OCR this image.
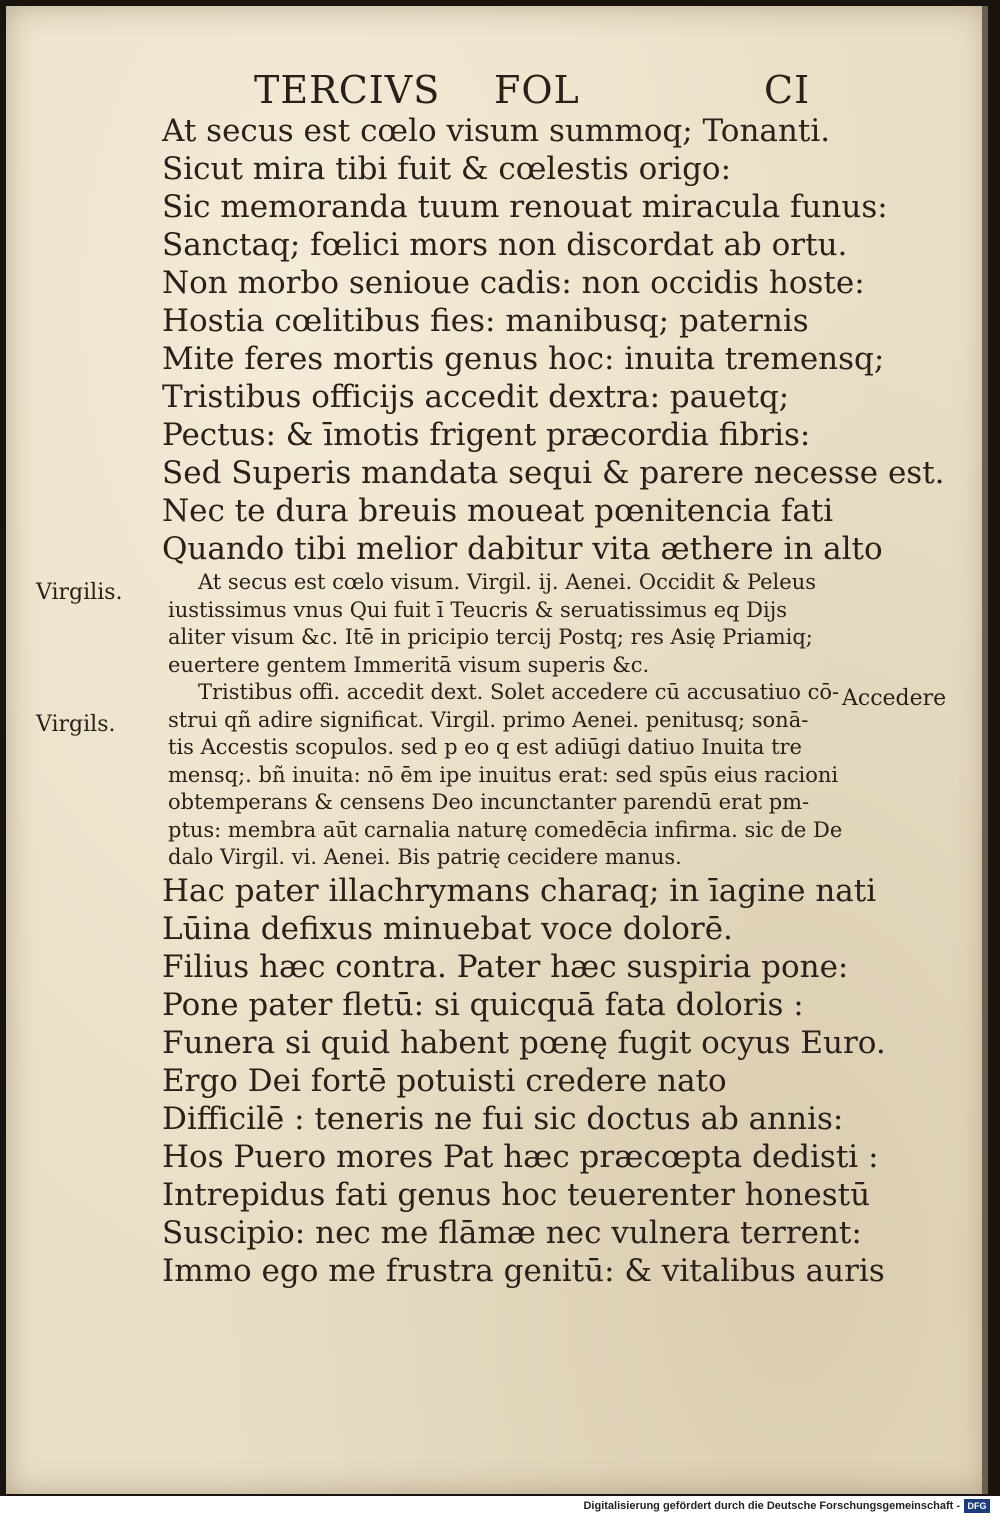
TERCIVS FOL	CI
At secus est cœlo visum summoq; Tonanti.
Sicut mira tibi fuit & cœlestis origo:
Sic memoranda tuum renouat miracula funus:
Sanctaq; fœlici mors non discordat ab ortu.
Non morbo senioue cadis: non occidis hoste:
Hostia cœlitibus fies: manibusq; paternis
Mite feres mortis genus hoc: inuita tremensq;
Tristibus officijs accedit dextra: pauetq;
Pectus: & īmotis frigent præcordia fibris:
Sed Superis mandata sequi & parere necesse est.
Nec te dura breuis moueat pœnitencia fati
Quando tibi melior dabitur vita æthere in alto
Virgilis.
Virgils.
Accedere
At secus est cœlo visum. Virgil. ij. Aenei. Occidit & Peleus
iustissimus vnus Qui fuit ī Teucris & seruatissimus eq Dijs
aliter visum &c. Itē in pricipio tercij Postq; res Asię Priamiq;
euertere gentem Immeritā visum superis &c.
Tristibus offi. accedit dext. Solet accedere cū accusatiuo cō-
strui qñ adire significat. Virgil. primo Aenei. penitusq; sonā-
tis Accestis scopulos. sed p eo q est adiūgi datiuo Inuita tre
mensq;. bñ inuita: nō ēm ipe inuitus erat: sed spūs eius racioni
obtemperans & censens Deo incunctanter parendū erat pm-
ptus: membra aūt carnalia naturę comedēcia infirma. sic de De
dalo Virgil. vi. Aenei. Bis patrię cecidere manus.
Hac pater illachrymans charaq; in īagine nati
Lūina defixus minuebat voce dolorē.
Filius hæc contra. Pater hæc suspiria pone:
Pone pater fletū: si quicquā fata doloris :
Funera si quid habent pœnę fugit ocyus Euro.
Ergo Dei fortē potuisti credere nato
Difficilē : teneris ne fui sic doctus ab annis:
Hos Puero mores Pat hæc præcœpta dedisti :
Intrepidus fati genus hoc teuerenter honestū
Suscipio: nec me flāmæ nec vulnera terrent:
Immo ego me frustra genitū: & vitalibus auris
Digitalisierung gefördert durch die Deutsche Forschungsgemeinschaft - DFG
